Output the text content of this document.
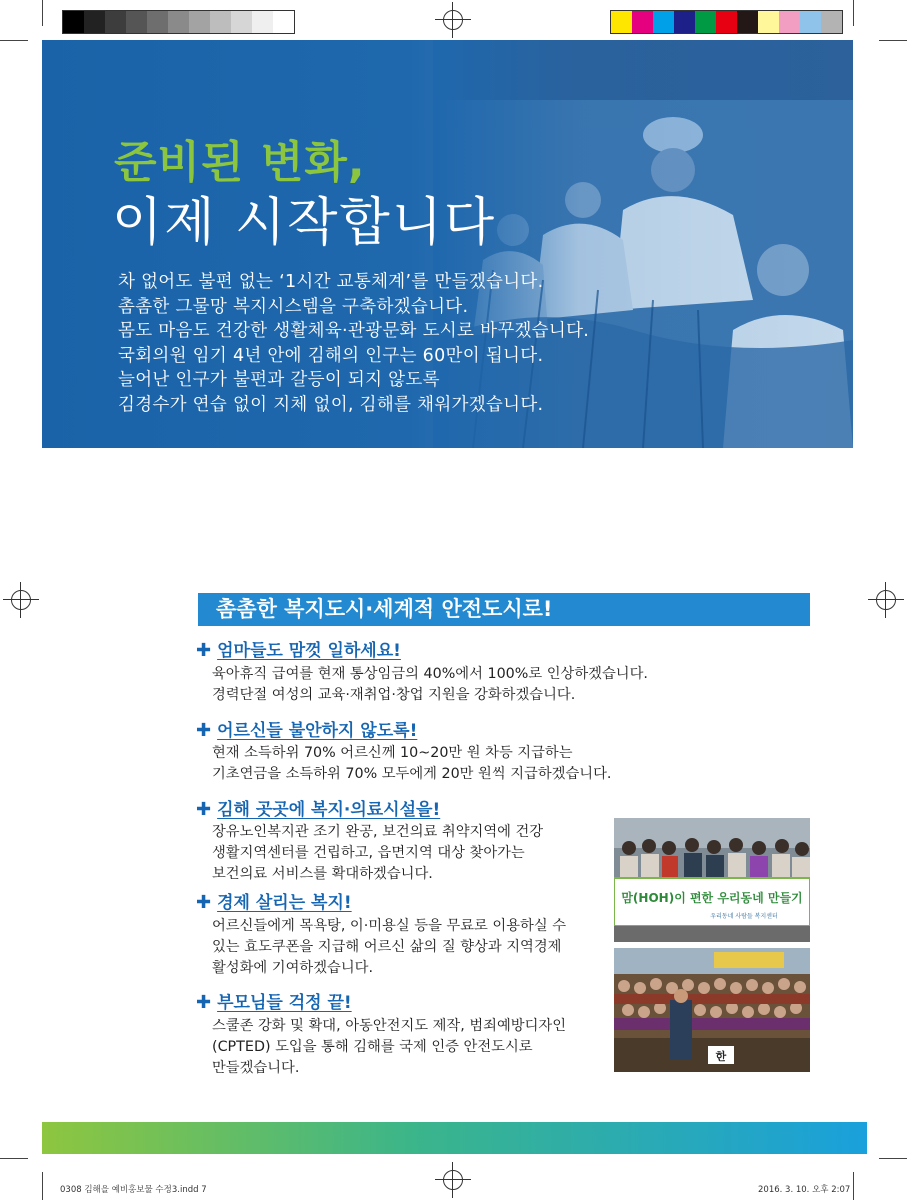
준비된 변화,
이제 시작합니다
차 없어도 불편 없는 ‘1시간 교통체계’를 만들겠습니다.
촘촘한 그물망 복지시스템을 구축하겠습니다.
몸도 마음도 건강한 생활체육·관광문화 도시로 바꾸겠습니다.
국회의원 임기 4년 안에 김해의 인구는 60만이 됩니다.
늘어난 인구가 불편과 갈등이 되지 않도록
김경수가 연습 없이 지체 없이, 김해를 채워가겠습니다.
촘촘한 복지도시·세계적 안전도시로!
✚ 엄마들도 맘껏 일하세요!
육아휴직 급여를 현재 통상임금의 40%에서 100%로 인상하겠습니다.
경력단절 여성의 교육·재취업·창업 지원을 강화하겠습니다.
✚ 어르신들 불안하지 않도록!
현재 소득하위 70% 어르신께 10~20만 원 차등 지급하는
기초연금을 소득하위 70% 모두에게 20만 원씩 지급하겠습니다.
✚ 김해 곳곳에 복지·의료시설을!
장유노인복지관 조기 완공, 보건의료 취약지역에 건강
생활지역센터를 건립하고, 읍면지역 대상 찾아가는
보건의료 서비스를 확대하겠습니다.
✚ 경제 살리는 복지!
어르신들에게 목욕탕, 이·미용실 등을 무료로 이용하실 수
있는 효도쿠폰을 지급해 어르신 삶의 질 향상과 지역경제
활성화에 기여하겠습니다.
✚ 부모님들 걱정 끝!
스쿨존 강화 및 확대, 아동안전지도 제작, 범죄예방디자인
(CPTED) 도입을 통해 김해를 국제 인증 안전도시로
만들겠습니다.
맘(HOH)이 편한 우리동네 만들기
우리동네 사람들 복지센터
한
0308 김해을 예비홍보물 수정3.indd 7	2016. 3. 10. 오후 2:07
